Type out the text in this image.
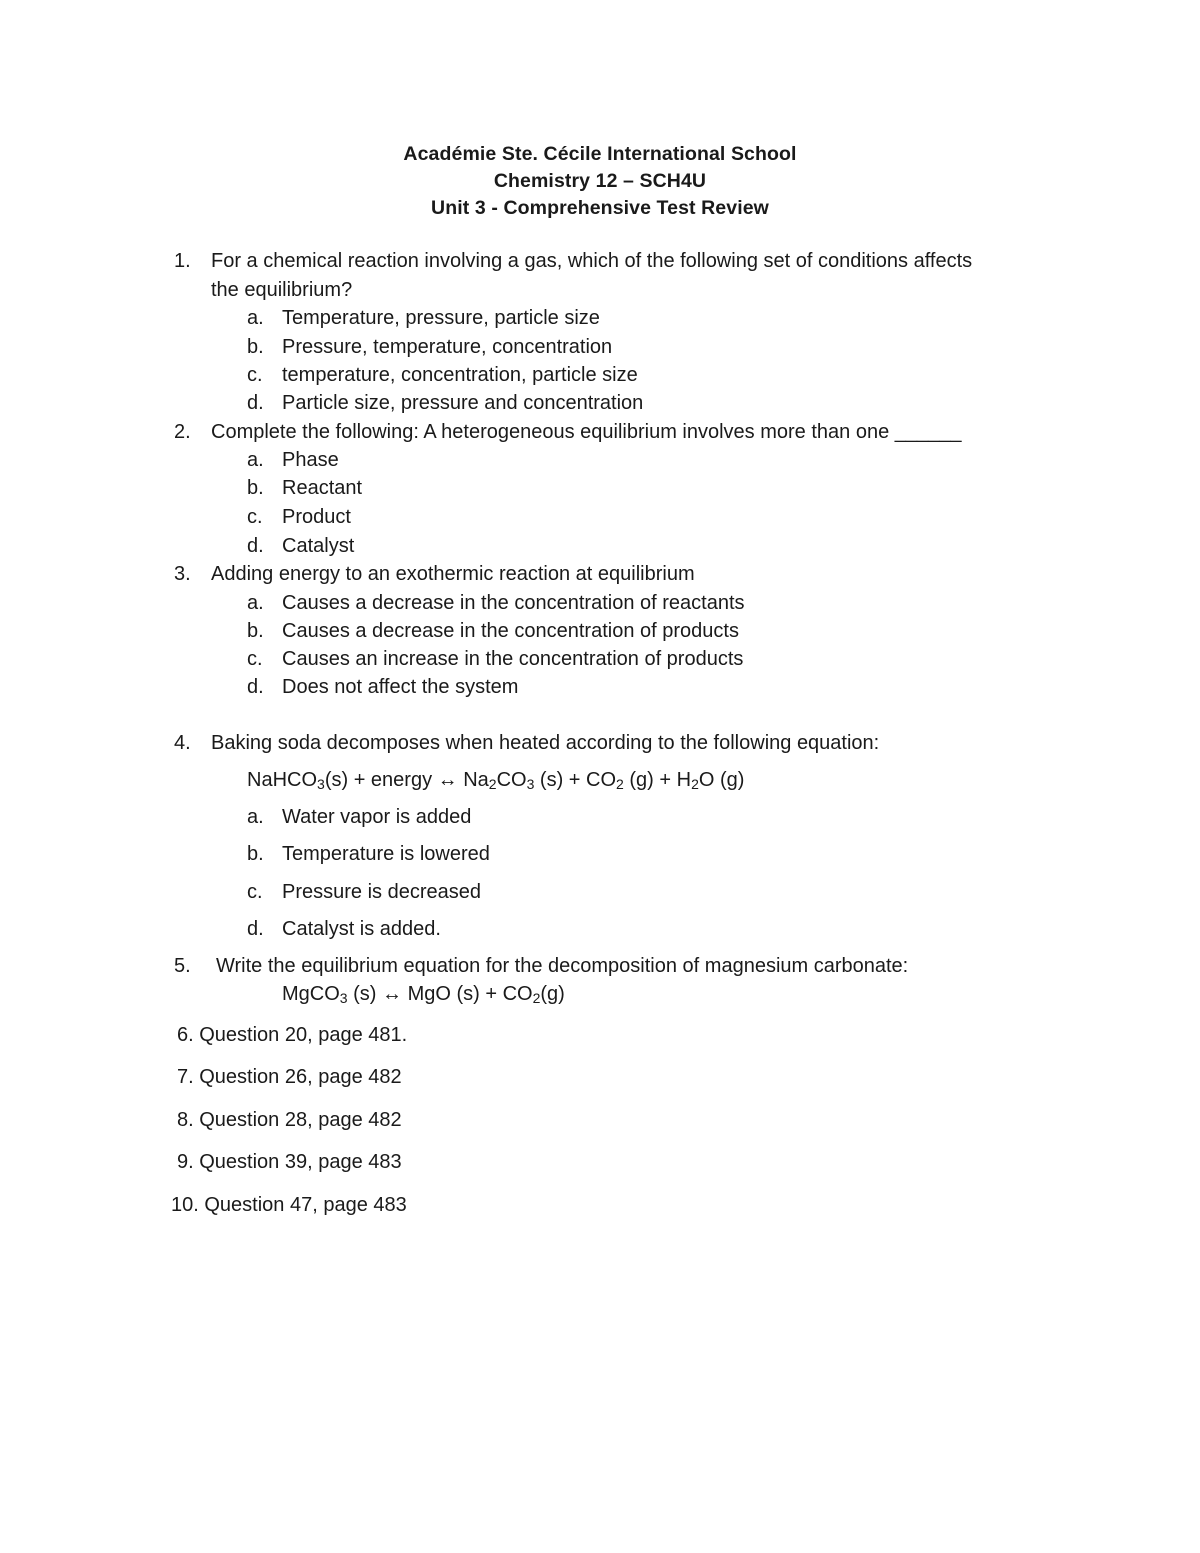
Académie Ste. Cécile International School
Chemistry 12 – SCH4U
Unit 3 - Comprehensive Test Review
1. For a chemical reaction involving a gas, which of the following set of conditions affects
the equilibrium?
a. Temperature, pressure, particle size
b. Pressure, temperature, concentration
c. temperature, concentration, particle size
d. Particle size, pressure and concentration
2. Complete the following: A heterogeneous equilibrium involves more than one ______
a. Phase
b. Reactant
c. Product
d. Catalyst
3. Adding energy to an exothermic reaction at equilibrium
a. Causes a decrease in the concentration of reactants
b. Causes a decrease in the concentration of products
c. Causes an increase in the concentration of products
d. Does not affect the system
4. Baking soda decomposes when heated according to the following equation:
NaHCO$_3$(s) + energy ↔ $Na_2CO_3$ $(s) + CO_2$ $(g) + H_2O$ (g)
a. Water vapor is added
b. Temperature is lowered
c. Pressure is decreased
d. Catalyst is added.
5. Write the equilibrium equation for the decomposition of magnesium carbonate:
MgCO$_3$ (s) ↔ MgO $(s) + CO_2(g)$
6. Question 20, page 481.
7. Question 26, page 482
8. Question 28, page 482
9. Question 39, page 483
10. Question 47, page 483
